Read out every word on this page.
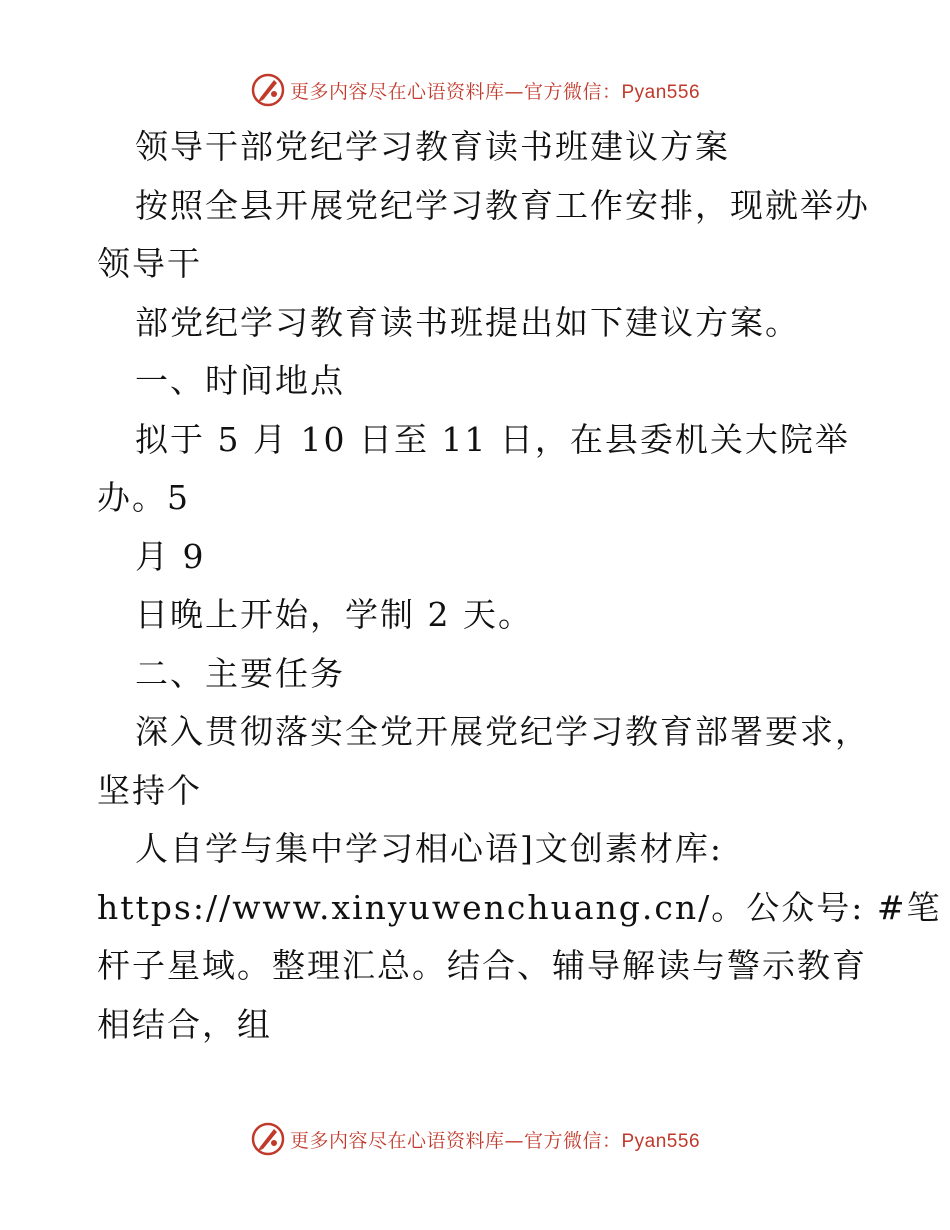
更多内容尽在心语资料库—官方微信：Pyan556
领导干部党纪学习教育读书班建议方案
按照全县开展党纪学习教育工作安排，现就举办
领导干
部党纪学习教育读书班提出如下建议方案。
一、时间地点
拟于 5 月 10 日至 11 日，在县委机关大院举
办。5
月 9
日晚上开始，学制 2 天。
二、主要任务
深入贯彻落实全党开展党纪学习教育部署要求，
坚持个
人自学与集中学习相心语]文创素材库:
https://www.xinyuwenchuang.cn/。公众号: #笔
杆子星域。整理汇总。结合、辅导解读与警示教育
相结合，组
更多内容尽在心语资料库—官方微信：Pyan556
